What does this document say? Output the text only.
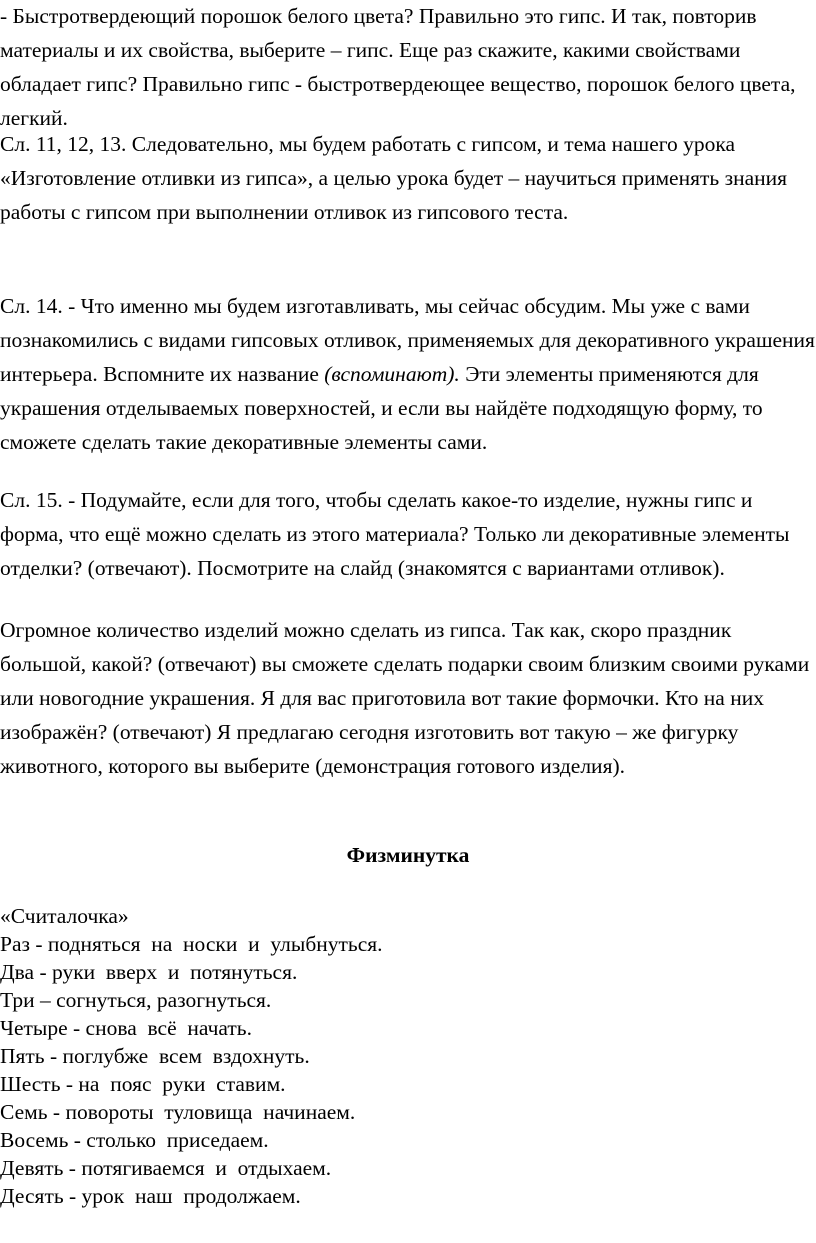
- Быстротвердеющий порошок белого цвета? Правильно это гипс. И так, повторив материалы и их свойства, выберите – гипс. Еще раз скажите, какими свойствами обладает гипс? Правильно гипс - быстротвердеющее вещество, порошок белого цвета, легкий.

Сл. 11, 12, 13. Следовательно, мы будем работать с гипсом, и тема нашего урока «Изготовление отливки из гипса», а целью урока будет – научиться применять знания работы с гипсом при выполнении отливок из гипсового теста.

Сл. 14. - Что именно мы будем изготавливать, мы сейчас обсудим. Мы уже с вами познакомились с видами гипсовых отливок, применяемых для декоративного украшения интерьера. Вспомните их название (вспоминают). Эти элементы применяются для украшения отделываемых поверхностей, и если вы найдёте подходящую форму, то сможете сделать такие декоративные элементы сами.

Сл. 15. - Подумайте, если для того, чтобы сделать какое-то изделие, нужны гипс и форма, что ещё можно сделать из этого материала? Только ли декоративные элементы отделки? (отвечают). Посмотрите на слайд (знакомятся с вариантами отливок).

Огромное количество изделий можно сделать из гипса. Так как, скоро праздник большой, какой? (отвечают) вы сможете сделать подарки своим близким своими руками или новогодние украшения. Я для вас приготовила вот такие формочки. Кто на них изображён? (отвечают) Я предлагаю сегодня изготовить вот такую – же фигурку животного, которого вы выберите (демонстрация готового изделия).

Физминутка
«Считалочка»
Раз - подняться  на  носки  и  улыбнуться.
Два - руки  вверх  и  потянуться.
Три – согнуться, разогнуться.
Четыре - снова  всё  начать.
Пять - поглубже  всем  вздохнуть.
Шесть - на  пояс  руки  ставим.
Семь - повороты  туловища  начинаем.
Восемь - столько  приседаем.
Девять - потягиваемся  и  отдыхаем.
Десять - урок  наш  продолжаем.
